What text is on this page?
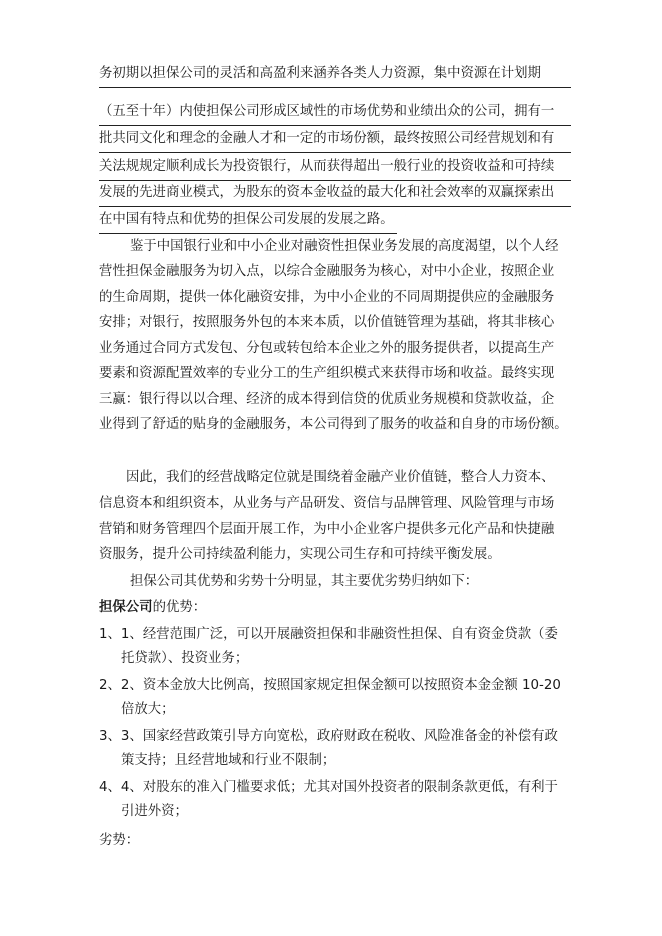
务初期以担保公司的灵活和高盈利来涵养各类人力资源，集中资源在计划期
（五至十年）内使担保公司形成区域性的市场优势和业绩出众的公司，拥有一
批共同文化和理念的金融人才和一定的市场份额，最终按照公司经营规划和有
关法规规定顺利成长为投资银行，从而获得超出一般行业的投资收益和可持续
发展的先进商业模式，为股东的资本金收益的最大化和社会效率的双赢探索出
在中国有特点和优势的担保公司发展的发展之路。
鉴于中国银行业和中小企业对融资性担保业务发展的高度渴望，以个人经
营性担保金融服务为切入点，以综合金融服务为核心，对中小企业，按照企业
的生命周期，提供一体化融资安排，为中小企业的不同周期提供应的金融服务
安排；对银行，按照服务外包的本来本质，以价值链管理为基础，将其非核心
业务通过合同方式发包、分包或转包给本企业之外的服务提供者，以提高生产
要素和资源配置效率的专业分工的生产组织模式来获得市场和收益。最终实现
三赢：银行得以以合理、经济的成本得到信贷的优质业务规模和贷款收益，企
业得到了舒适的贴身的金融服务，本公司得到了服务的收益和自身的市场份额。
因此，我们的经营战略定位就是围绕着金融产业价值链，整合人力资本、
信息资本和组织资本，从业务与产品研发、资信与品牌管理、风险管理与市场
营销和财务管理四个层面开展工作，为中小企业客户提供多元化产品和快捷融
资服务，提升公司持续盈利能力，实现公司生存和可持续平衡发展。
担保公司其优势和劣势十分明显，其主要优劣势归纳如下：
担保公司的优势：
1、1、经营范围广泛，可以开展融资担保和非融资性担保、自有资金贷款（委
托贷款）、投资业务；
2、2、资本金放大比例高，按照国家规定担保金额可以按照资本金金额 10-20
倍放大；
3、3、国家经营政策引导方向宽松，政府财政在税收、风险准备金的补偿有政
策支持；且经营地域和行业不限制；
4、4、对股东的准入门槛要求低；尤其对国外投资者的限制条款更低，有利于
引进外资；
劣势：
